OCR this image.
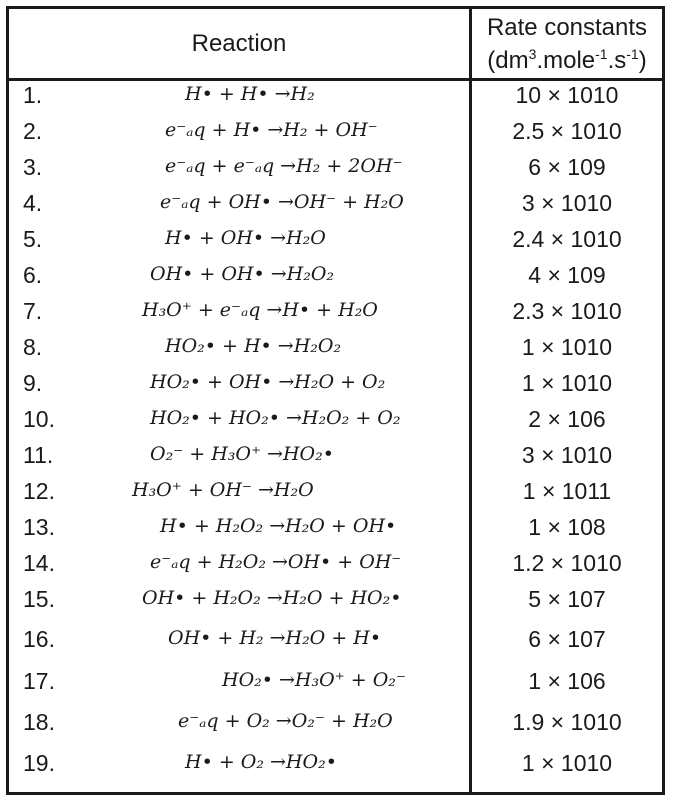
Reaction
Rate constants
$(dm^3.mole^{-1}.s^{-1})$
1.	H• + H• →H₂	10 × 1010
2.	e⁻ₐq + H• →H₂ + OH⁻	2.5 × 1010
3.	e⁻ₐq + e⁻ₐq →H₂ + 2OH⁻	6 × 109
4.	e⁻ₐq + OH• →OH⁻ + H₂O	3 × 1010
5.	H• + OH• →H₂O	2.4 × 1010
6.	OH• + OH• →H₂O₂	4 × 109
7.	H₃O⁺ + e⁻ₐq →H• + H₂O	2.3 × 1010
8.	HO₂• + H• →H₂O₂	1 × 1010
9.	HO₂• + OH• →H₂O + O₂	1 × 1010
10.	HO₂• + HO₂• →H₂O₂ + O₂	2 × 106
11.	O₂⁻ + H₃O⁺ →HO₂•	3 × 1010
12.	H₃O⁺ + OH⁻ →H₂O	1 × 1011
13.	H• + H₂O₂ →H₂O + OH•	1 × 108
14.	e⁻ₐq + H₂O₂ →OH• + OH⁻	1.2 × 1010
15.	OH• + H₂O₂ →H₂O + HO₂•	5 × 107
16.	OH• + H₂ →H₂O + H•	6 × 107
17.	HO₂• →H₃O⁺ + O₂⁻	1 × 106
18.	e⁻ₐq + O₂ →O₂⁻ + H₂O	1.9 × 1010
19.	H• + O₂ →HO₂•	1 × 1010
